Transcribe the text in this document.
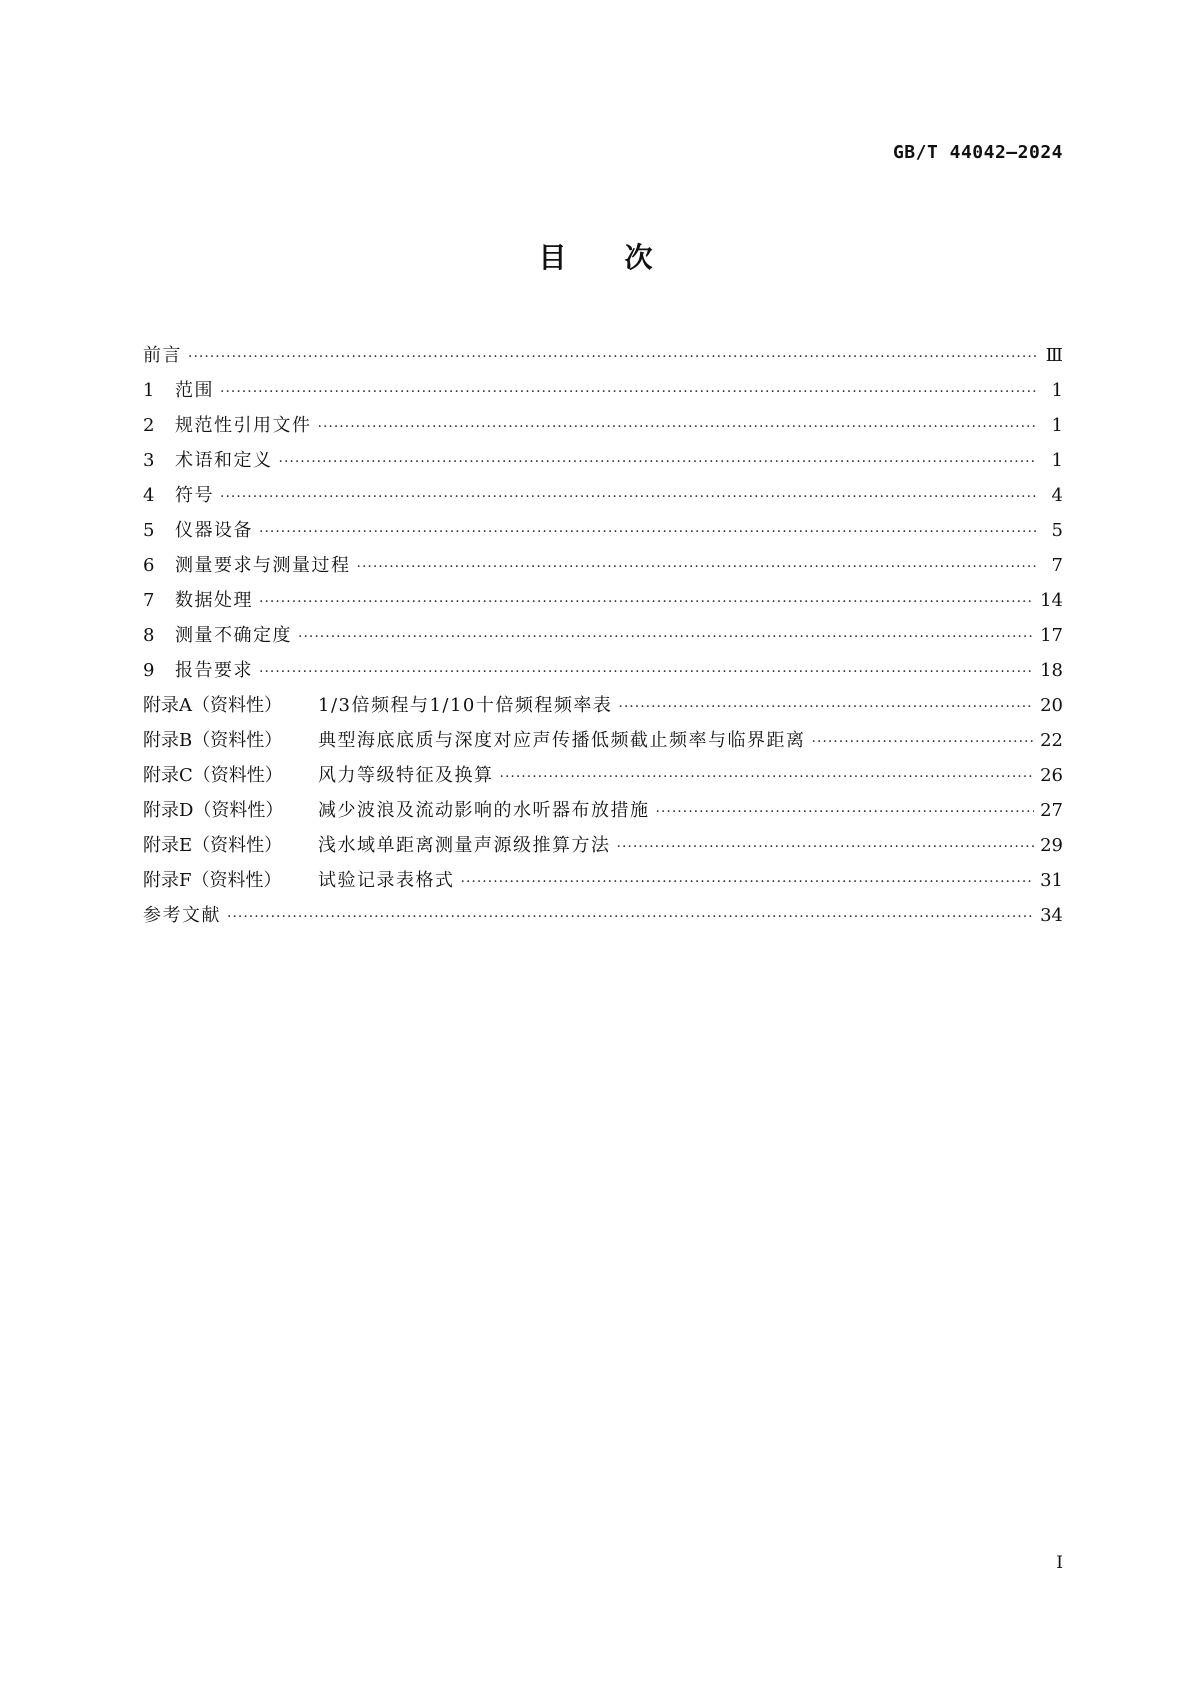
GB/T 44042—2024
目次
前言 ·····	Ⅲ
1	范围 ·····	1
2	规范性引用文件 ·····	1
3	术语和定义 ·····	1
4	符号 ·····	4
5	仪器设备 ·····	5
6	测量要求与测量过程 ·····	7
7	数据处理 ·····	14
8	测量不确定度 ·····	17
9	报告要求 ·····	18
附录A（资料性）	1/3倍频程与1/10十倍频程频率表 ·····	20
附录B（资料性）	典型海底底质与深度对应声传播低频截止频率与临界距离 ·····	22
附录C（资料性）	风力等级特征及换算 ·····	26
附录D（资料性）	减少波浪及流动影响的水听器布放措施 ·····	27
附录E（资料性）	浅水域单距离测量声源级推算方法 ·····	29
附录F（资料性）	试验记录表格式 ·····	31
参考文献 ·····	34
I
